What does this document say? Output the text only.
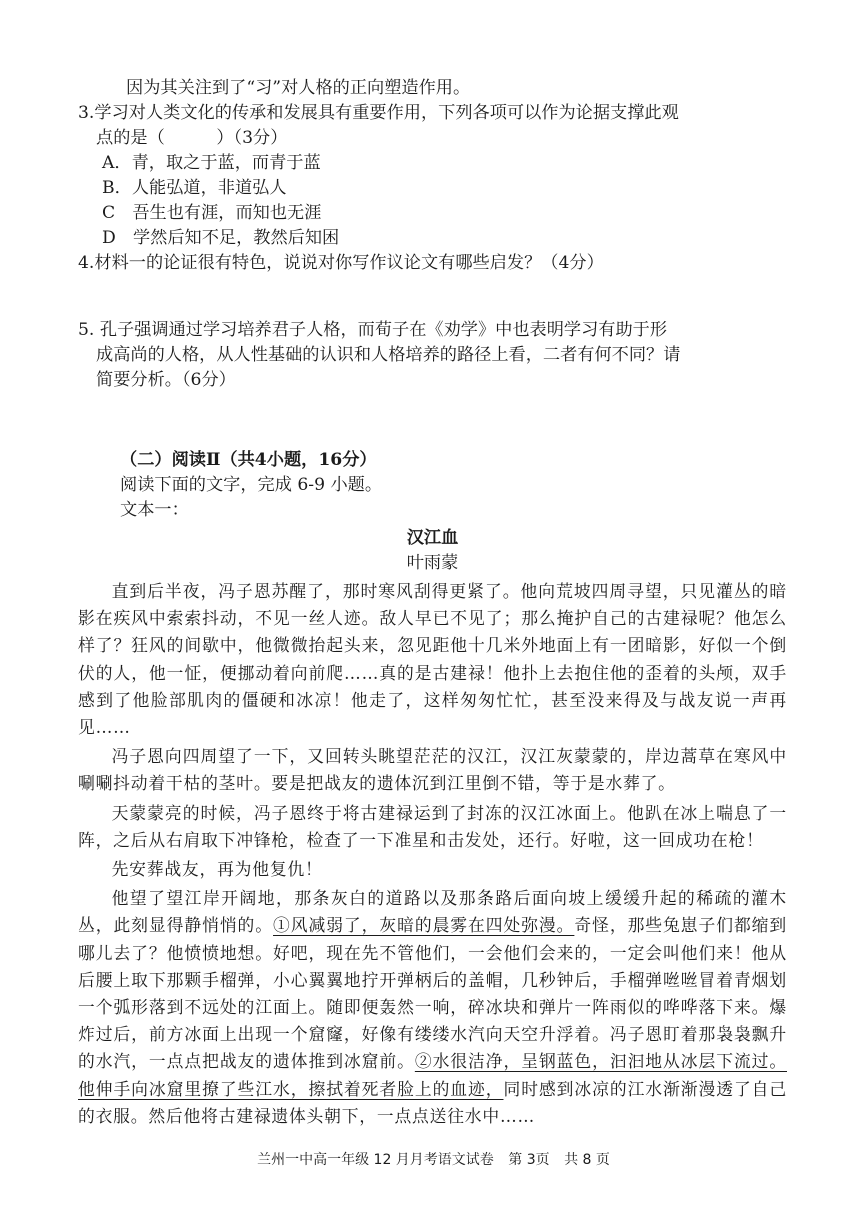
因为其关注到了“习”对人格的正向塑造作用。
3.学习对人类文化的传承和发展具有重要作用，下列各项可以作为论据支撑此观
点的是（　　　）（3分）
A．青，取之于蓝，而青于蓝
B．人能弘道，非道弘人
C　吾生也有涯，而知也无涯
D　学然后知不足，教然后知困
4.材料一的论证很有特色，说说对你写作议论文有哪些启发？（4分）
5. 孔子强调通过学习培养君子人格，而荀子在《劝学》中也表明学习有助于形
成高尚的人格，从人性基础的认识和人格培养的路径上看，二者有何不同？请
简要分析。（6分）
（二）阅读Ⅱ（共4小题，16分）
阅读下面的文字，完成 6-9 小题。
文本一：
汉江血
叶雨蒙
直到后半夜，冯子恩苏醒了，那时寒风刮得更紧了。他向荒坡四周寻望，只见灌丛的暗影在疾风中索索抖动，不见一丝人迹。敌人早已不见了；那么掩护自己的古建禄呢？他怎么样了？狂风的间歇中，他微微抬起头来，忽见距他十几米外地面上有一团暗影，好似一个倒伏的人，他一怔，便挪动着向前爬……真的是古建禄！他扑上去抱住他的歪着的头颅，双手感到了他脸部肌肉的僵硬和冰凉！他走了，这样匆匆忙忙，甚至没来得及与战友说一声再见……
冯子恩向四周望了一下，又回转头眺望茫茫的汉江，汉江灰蒙蒙的，岸边蒿草在寒风中唰唰抖动着干枯的茎叶。要是把战友的遗体沉到江里倒不错，等于是水葬了。
天蒙蒙亮的时候，冯子恩终于将古建禄运到了封冻的汉江冰面上。他趴在冰上喘息了一阵，之后从右肩取下冲锋枪，检查了一下准星和击发处，还行。好啦，这一回成功在枪！
先安葬战友，再为他复仇！
他望了望江岸开阔地，那条灰白的道路以及那条路后面向坡上缓缓升起的稀疏的灌木丛，此刻显得静悄悄的。①风减弱了，灰暗的晨雾在四处弥漫。奇怪，那些兔崽子们都缩到哪儿去了？他愤愤地想。好吧，现在先不管他们，一会他们会来的，一定会叫他们来！他从后腰上取下那颗手榴弹，小心翼翼地拧开弹柄后的盖帽，几秒钟后，手榴弹咝咝冒着青烟划一个弧形落到不远处的江面上。随即便轰然一响，碎冰块和弹片一阵雨似的哗哗落下来。爆炸过后，前方冰面上出现一个窟窿，好像有缕缕水汽向天空升浮着。冯子恩盯着那袅袅飘升的水汽，一点点把战友的遗体推到冰窟前。②水很洁净，呈钢蓝色，汩汩地从冰层下流过。他伸手向冰窟里撩了些江水，擦拭着死者脸上的血迹，同时感到冰凉的江水渐渐漫透了自己的衣服。然后他将古建禄遗体头朝下，一点点送往水中……
兰州一中高一年级 12 月月考语文试卷 第 3页 共 8 页
